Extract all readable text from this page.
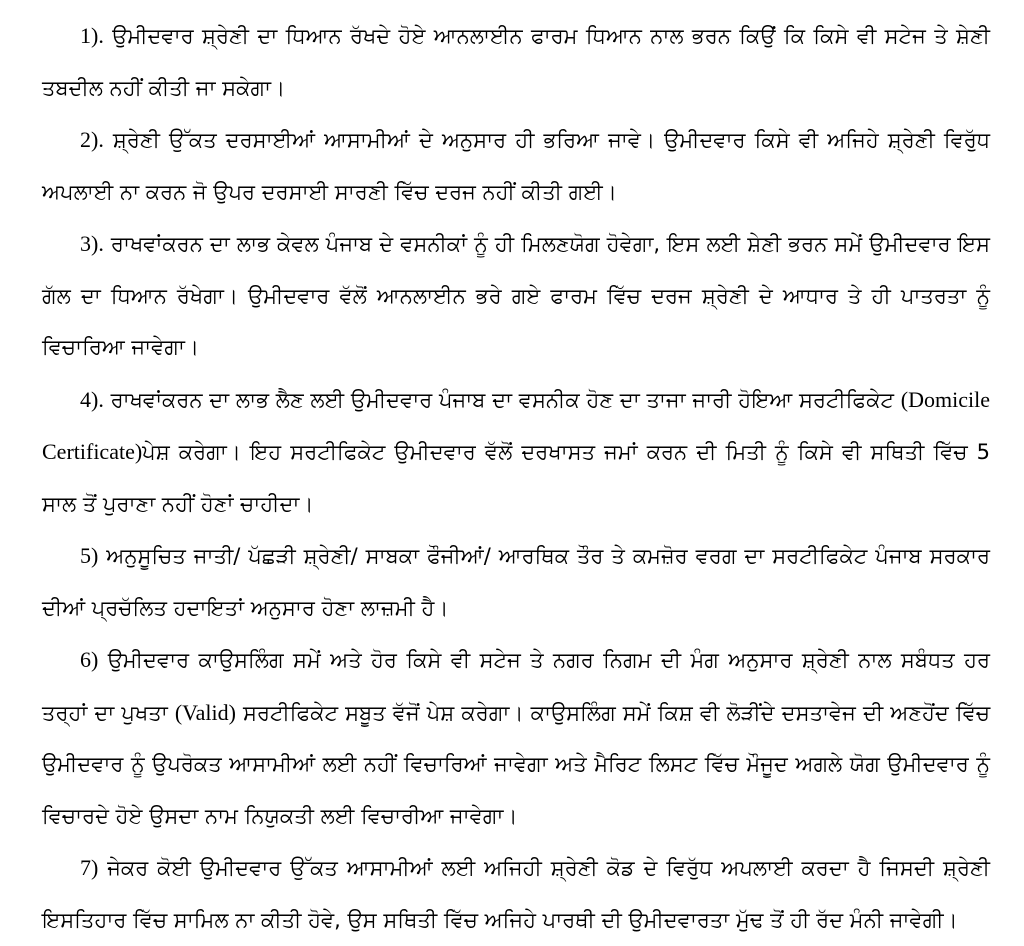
1). ਉਮੀਦਵਾਰ ਸ਼੍ਰੇਣੀ ਦਾ ਧਿਆਨ ਰੱਖਦੇ ਹੋਏ ਆਨਲਾਈਨ ਫਾਰਮ ਧਿਆਨ ਨਾਲ ਭਰਨ ਕਿਉਂ ਕਿ ਕਿਸੇ ਵੀ ਸਟੇਜ ਤੇ ਸ਼ੇਣੀ ਤਬਦੀਲ ਨਹੀਂ ਕੀਤੀ ਜਾ ਸਕੇਗਾ।

2). ਸ਼੍ਰੇਣੀ ਉੱਕਤ ਦਰਸਾਈਆਂ ਆਸਾਮੀਆਂ ਦੇ ਅਨੁਸਾਰ ਹੀ ਭਰਿਆ ਜਾਵੇ। ਉਮੀਦਵਾਰ ਕਿਸੇ ਵੀ ਅਜਿਹੇ ਸ਼੍ਰੇਣੀ ਵਿਰੁੱਧ ਅਪਲਾਈ ਨਾ ਕਰਨ ਜੋ ਉਪਰ ਦਰਸਾਈ ਸਾਰਣੀ ਵਿੱਚ ਦਰਜ ਨਹੀਂ ਕੀਤੀ ਗਈ।

3). ਰਾਖਵਾਂਕਰਨ ਦਾ ਲਾਭ ਕੇਵਲ ਪੰਜਾਬ ਦੇ ਵਸਨੀਕਾਂ ਨੂੰ ਹੀ ਮਿਲਣਯੋਗ ਹੋਵੇਗਾ, ਇਸ ਲਈ ਸ਼ੇਣੀ ਭਰਨ ਸਮੇਂ ਉਮੀਦਵਾਰ ਇਸ ਗੱਲ ਦਾ ਧਿਆਨ ਰੱਖੇਗਾ। ਉਮੀਦਵਾਰ ਵੱਲੋਂ ਆਨਲਾਈਨ ਭਰੇ ਗਏ ਫਾਰਮ ਵਿੱਚ ਦਰਜ ਸ਼੍ਰੇਣੀ ਦੇ ਆਧਾਰ ਤੇ ਹੀ ਪਾਤਰਤਾ ਨੂੰ ਵਿਚਾਰਿਆ ਜਾਵੇਗਾ।

4). ਰਾਖਵਾਂਕਰਨ ਦਾ ਲਾਭ ਲੈਣ ਲਈ ਉਮੀਦਵਾਰ ਪੰਜਾਬ ਦਾ ਵਸਨੀਕ ਹੋਣ ਦਾ ਤਾਜਾ ਜਾਰੀ ਹੋਇਆ ਸਰਟੀਫਿਕੇਟ (Domicile Certificate)ਪੇਸ਼ ਕਰੇਗਾ। ਇਹ ਸਰਟੀਫਿਕੇਟ ਉਮੀਦਵਾਰ ਵੱਲੋਂ ਦਰਖਾਸਤ ਜਮਾਂ ਕਰਨ ਦੀ ਮਿਤੀ ਨੂੰ ਕਿਸੇ ਵੀ ਸਥਿਤੀ ਵਿੱਚ 5 ਸਾਲ ਤੋਂ ਪੁਰਾਣਾ ਨਹੀਂ ਹੋਣਾਂ ਚਾਹੀਦਾ।

5) ਅਨੁਸੂਚਿਤ ਜਾਤੀ/ ਪੱਛੜੀ ਸ਼੍ਰੇਣੀ/ ਸਾਬਕਾ ਫੌਜੀਆਂ/ ਆਰਥਿਕ ਤੌਰ ਤੇ ਕਮਜ਼ੋਰ ਵਰਗ ਦਾ ਸਰਟੀਫਿਕੇਟ ਪੰਜਾਬ ਸਰਕਾਰ ਦੀਆਂ ਪ੍ਰਚੱਲਿਤ ਹਦਾਇਤਾਂ ਅਨੁਸਾਰ ਹੋਣਾ ਲਾਜ਼ਮੀ ਹੈ।

6) ਉਮੀਦਵਾਰ ਕਾਉਸਲਿੰਗ ਸਮੇਂ ਅਤੇ ਹੋਰ ਕਿਸੇ ਵੀ ਸਟੇਜ ਤੇ ਨਗਰ ਨਿਗਮ ਦੀ ਮੰਗ ਅਨੁਸਾਰ ਸ਼੍ਰੇਣੀ ਨਾਲ ਸਬੰਧਤ ਹਰ ਤਰ੍ਹਾਂ ਦਾ ਪੁਖਤਾ (Valid) ਸਰਟੀਫਿਕੇਟ ਸਬੂਤ ਵੱਜੋਂ ਪੇਸ਼ ਕਰੇਗਾ। ਕਾਉਸਲਿੰਗ ਸਮੇਂ ਕਿਸ਼ ਵੀ ਲੋੜੀਂਦੇ ਦਸਤਾਵੇਜ ਦੀ ਅਣਹੋਂਦ ਵਿੱਚ ਉਮੀਦਵਾਰ ਨੂੰ ਉਪਰੋਕਤ ਆਸਾਮੀਆਂ ਲਈ ਨਹੀਂ ਵਿਚਾਰਿਆਂ ਜਾਵੇਗਾ ਅਤੇ ਮੈਰਿਟ ਲਿਸਟ ਵਿੱਚ ਮੌਜੂਦ ਅਗਲੇ ਯੋਗ ਉਮੀਦਵਾਰ ਨੂੰ ਵਿਚਾਰਦੇ ਹੋਏ ਉਸਦਾ ਨਾਮ ਨਿਯੁਕਤੀ ਲਈ ਵਿਚਾਰੀਆ ਜਾਵੇਗਾ।

7) ਜੇਕਰ ਕੋਈ ਉਮੀਦਵਾਰ ਉੱਕਤ ਆਸਾਮੀਆਂ ਲਈ ਅਜਿਹੀ ਸ਼੍ਰੇਣੀ ਕੋਡ ਦੇ ਵਿਰੁੱਧ ਅਪਲਾਈ ਕਰਦਾ ਹੈ ਜਿਸਦੀ ਸ਼੍ਰੇਣੀ ਇਸਤਿਹਾਰ ਵਿੱਚ ਸਾਮਿਲ ਨਾ ਕੀਤੀ ਹੋਵੇ, ਉਸ ਸਥਿਤੀ ਵਿੱਚ ਅਜਿਹੇ ਪਾਰਥੀ ਦੀ ਉਮੀਦਵਾਰਤਾ ਮੁੱਢ ਤੋਂ ਹੀ ਰੱਦ ਮੰਨੀ ਜਾਵੇਗੀ।
